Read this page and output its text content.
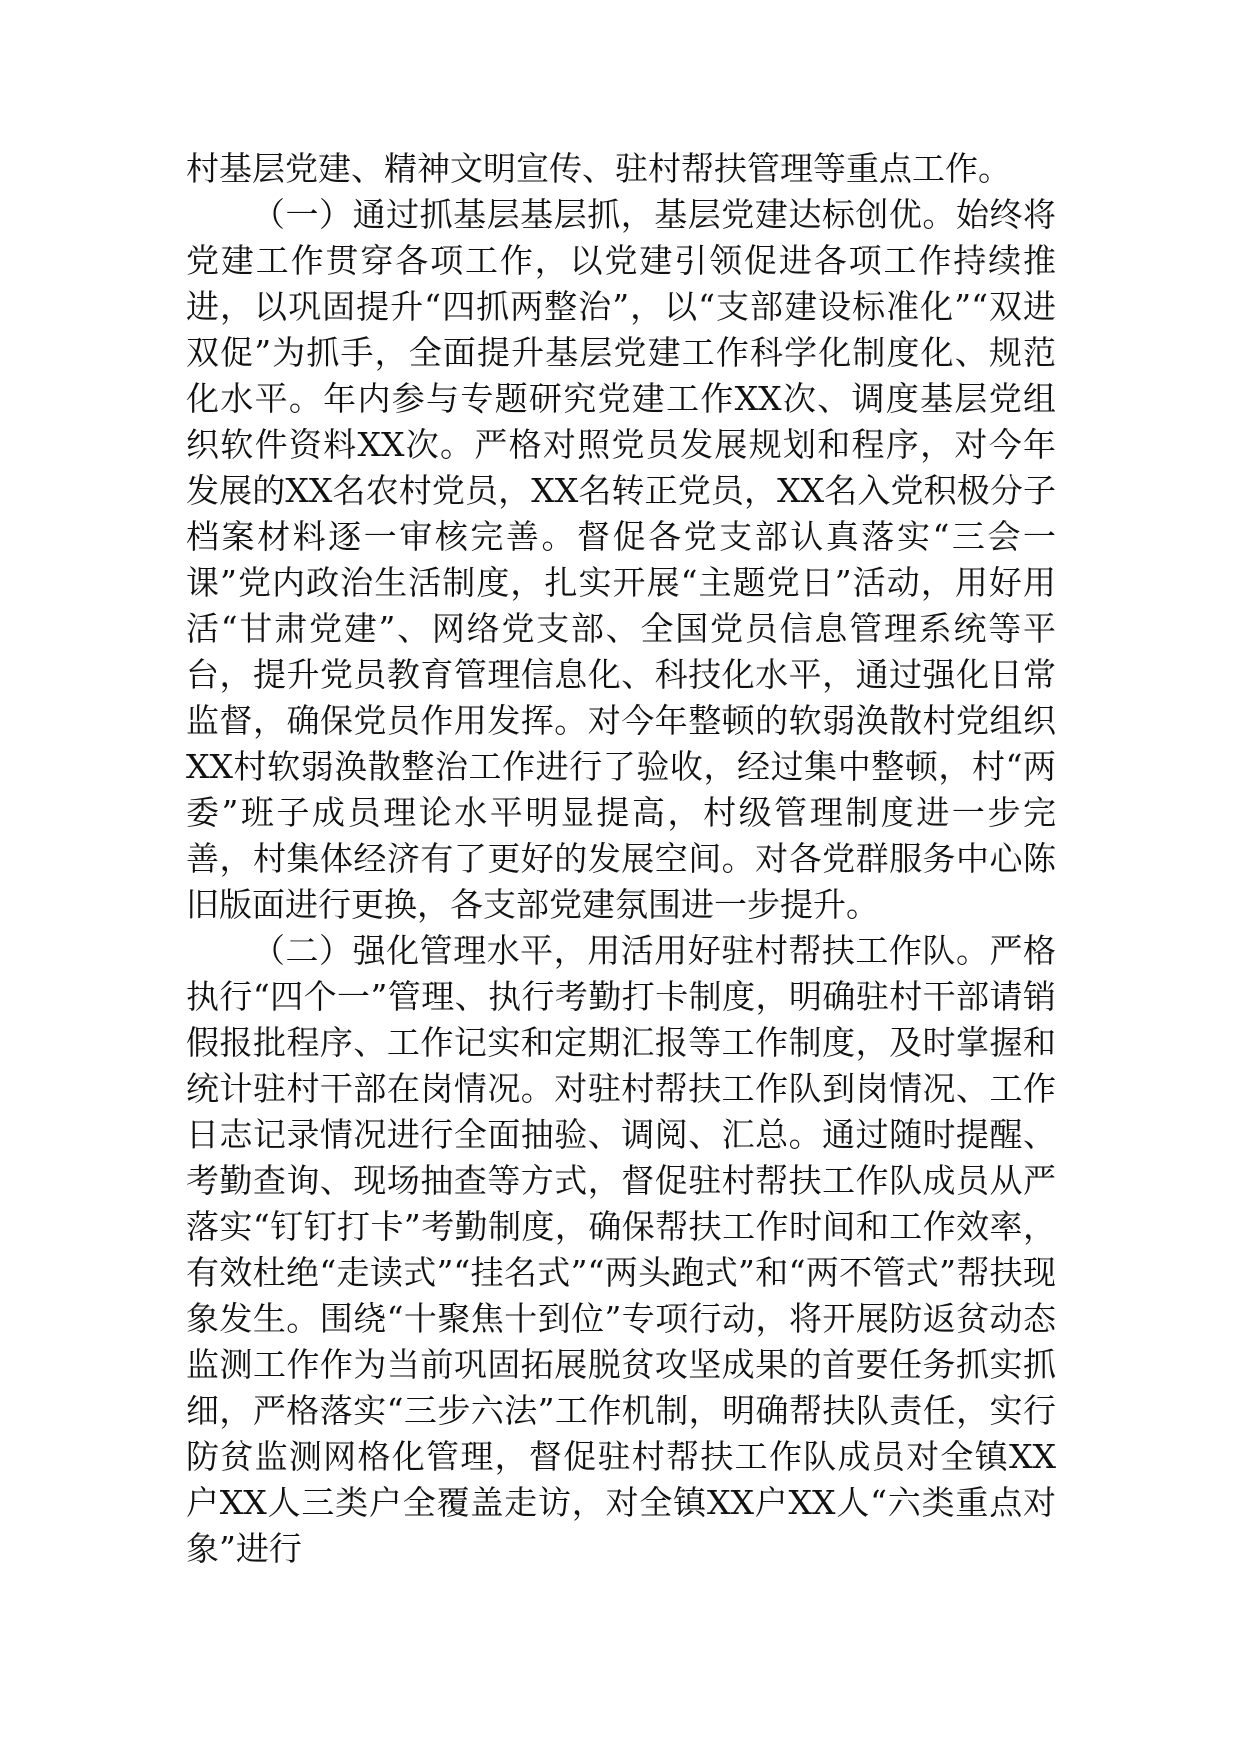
村基层党建、精神文明宣传、驻村帮扶管理等重点工作。

（一）通过抓基层基层抓，基层党建达标创优。始终将党建工作贯穿各项工作，以党建引领促进各项工作持续推进，以巩固提升“四抓两整治”，以“支部建设标准化”“双进双促”为抓手，全面提升基层党建工作科学化制度化、规范化水平。年内参与专题研究党建工作XX次、调度基层党组织软件资料XX次。严格对照党员发展规划和程序，对今年发展的XX名农村党员，XX名转正党员，XX名入党积极分子档案材料逐一审核完善。督促各党支部认真落实“三会一课”党内政治生活制度，扎实开展“主题党日”活动，用好用活“甘肃党建”、网络党支部、全国党员信息管理系统等平台，提升党员教育管理信息化、科技化水平，通过强化日常监督，确保党员作用发挥。对今年整顿的软弱涣散村党组织XX村软弱涣散整治工作进行了验收，经过集中整顿，村“两委”班子成员理论水平明显提高，村级管理制度进一步完善，村集体经济有了更好的发展空间。对各党群服务中心陈旧版面进行更换，各支部党建氛围进一步提升。

（二）强化管理水平，用活用好驻村帮扶工作队。严格执行“四个一”管理、执行考勤打卡制度，明确驻村干部请销假报批程序、工作记实和定期汇报等工作制度，及时掌握和统计驻村干部在岗情况。对驻村帮扶工作队到岗情况、工作日志记录情况进行全面抽验、调阅、汇总。通过随时提醒、考勤查询、现场抽查等方式，督促驻村帮扶工作队成员从严落实“钉钉打卡”考勤制度，确保帮扶工作时间和工作效率，有效杜绝“走读式”“挂名式”“两头跑式”和“两不管式”帮扶现象发生。围绕“十聚焦十到位”专项行动，将开展防返贫动态监测工作作为当前巩固拓展脱贫攻坚成果的首要任务抓实抓细，严格落实“三步六法”工作机制，明确帮扶队责任，实行防贫监测网格化管理，督促驻村帮扶工作队成员对全镇XX户XX人三类户全覆盖走访，对全镇XX户XX人“六类重点对象”进行
